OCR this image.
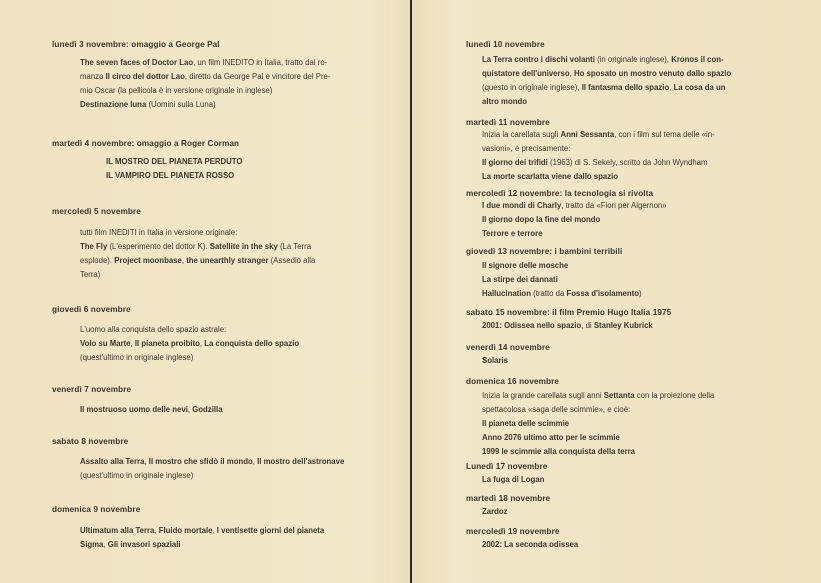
lunedì 3 novembre: omaggio a George Pal
The seven faces of Doctor Lao, un film INEDITO in Italia, tratto dal ro-
manzo Il circo del dottor Lao, diretto da George Pal e vincitore del Pre-
mio Oscar (la pellicola è in versione originale in inglese)
Destinazione luna (Uomini sulla Luna)
martedì 4 novembre: omaggio a Roger Corman
IL MOSTRO DEL PIANETA PERDUTO
IL VAMPIRO DEL PIANETA ROSSO
mercoledì 5 novembre
tutti film INEDITI in Italia in versione originale:
The Fly (L'esperimento del dottor K). Satellite in the sky (La Terra
esplode). Project moonbase, the unearthly stranger (Assedio alla
Terra)
giovedì 6 novembre
L'uomo alla conquista dello spazio astrale:
Volo su Marte, Il pianeta proibito, La conquista dello spazio
(quest'ultimo in originale inglese)
venerdì 7 novembre
Il mostruoso uomo delle nevi, Godzilla
sabato 8 novembre
Assalto alla Terra, Il mostro che sfidò il mondo, Il mostro dell'astronave
(quest'ultimo in originale inglese)
domenica 9 novembre
Ultimatum alla Terra, Fluido mortale, I ventisette giorni del pianeta
Sigma, Gli invasori spaziali
lunedì 10 novembre
La Terra contro i dischi volanti (in originale inglese), Kronos il con-
quistatore dell'universo, Ho sposato un mostro venuto dallo spazio
(questo in originale inglese), Il fantasma dello spazio, La cosa da un
altro mondo
martedì 11 novembre
Inizia la carellata sugli Anni Sessanta, con i film sul tema delle «in-
vasioni», e precisamente:
Il giorno dei trifidi (1963) di S. Sekely, scritto da John Wyndham
La morte scarlatta viene dallo spazio
mercoledì 12 novembre: la tecnologia si rivolta
I due mondi di Charly, tratto da «Fiori per Algernon»
Il giorno dopo la fine del mondo
Terrore e terrore
giovedì 13 novembre: i bambini terribili
Il signore delle mosche
La stirpe dei dannati
Hallucination (tratto da Fossa d'isolamento)
sabato 15 novembre: il film Premio Hugo Italia 1975
2001: Odissea nello spazio, di Stanley Kubrick
venerdì 14 novembre
Solaris
domenica 16 novembre
Inizia la grande carellata sugli anni Settanta con la proiezione della
spettacolosa «saga delle scimmie», e cioè:
Il pianeta delle scimmie
Anno 2076 ultimo atto per le scimmie
1999 le scimmie alla conquista della terra
Lunedì 17 novembre
La fuga di Logan
martedì 18 novembre
Zardoz
mercoledì 19 novembre
2002: La seconda odissea
